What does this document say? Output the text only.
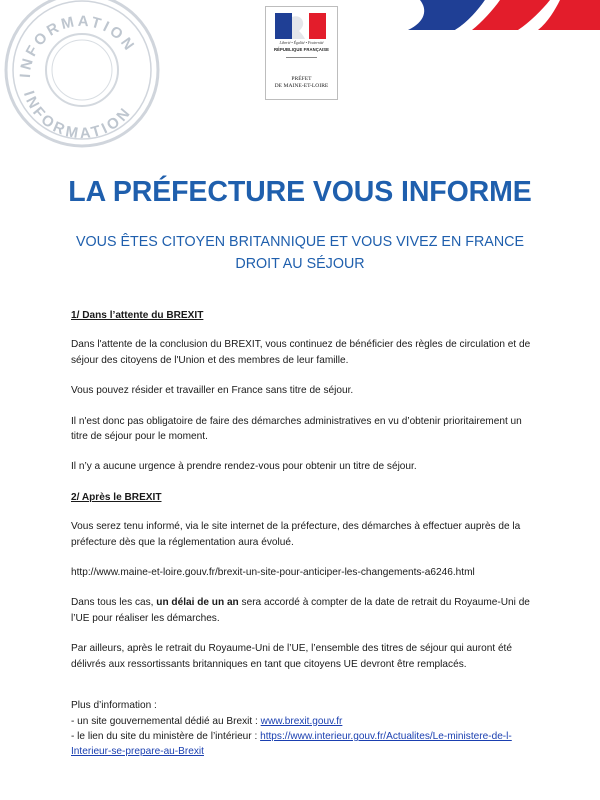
INFORMATION
INFORMATION
Liberté • Égalité • Fraternité
RÉPUBLIQUE FRANÇAISE
PRÉFET
DE MAINE-ET-LOIRE
LA PRÉFECTURE VOUS INFORME
VOUS ÊTES CITOYEN BRITANNIQUE ET VOUS VIVEZ EN FRANCE
DROIT AU SÉJOUR
1/ Dans l’attente du BREXIT

Dans l'attente de la conclusion du BREXIT, vous continuez de bénéficier des règles de circulation et de séjour des citoyens de l'Union et des membres de leur famille.

Vous pouvez résider et travailler en France sans titre de séjour.

Il n'est donc pas obligatoire de faire des démarches administratives en vu d’obtenir prioritairement un titre de séjour pour le moment.

Il n’y a aucune urgence à prendre rendez-vous pour obtenir un titre de séjour.

2/ Après le BREXIT

Vous serez tenu informé, via le site internet de la préfecture, des démarches à effectuer auprès de la préfecture dès que la réglementation aura évolué.

http://www.maine-et-loire.gouv.fr/brexit-un-site-pour-anticiper-les-changements-a6246.html

Dans tous les cas, un délai de un an sera accordé à compter de la date de retrait du Royaume-Uni de l’UE pour réaliser les démarches.

Par ailleurs, après le retrait du Royaume-Uni de l’UE, l’ensemble des titres de séjour qui auront été délivrés aux ressortissants britanniques en tant que citoyens UE devront être remplacés.

Plus d’information :

- un site gouvernemental dédié au Brexit : www.brexit.gouv.fr

- le lien du site du ministère de l’intérieur : https://www.interieur.gouv.fr/Actualites/Le-ministere-de-l-Interieur-se-prepare-au-Brexit
